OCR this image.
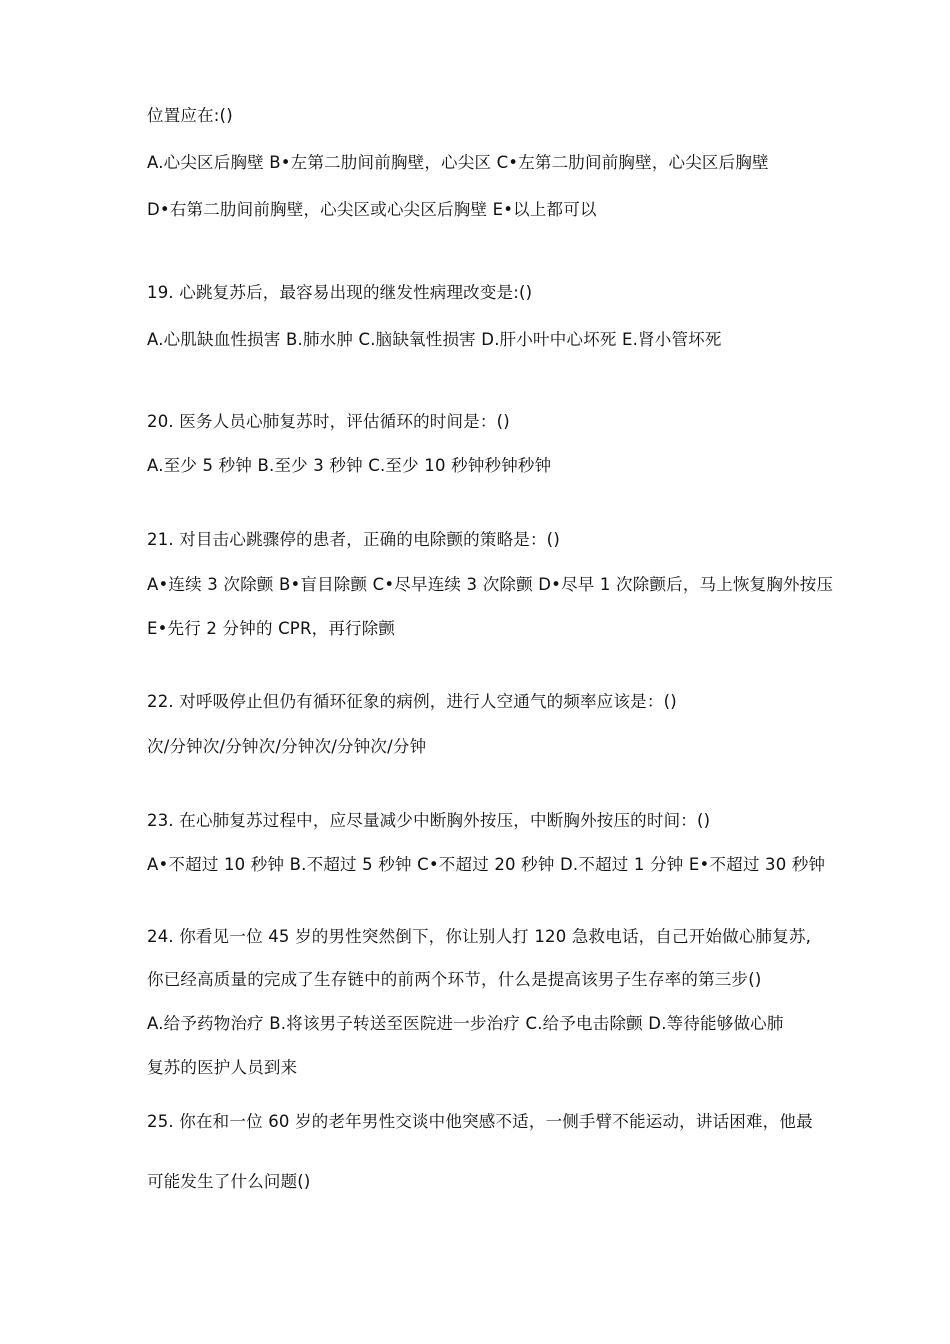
位置应在:()
A.心尖区后胸壁 B•左第二肋间前胸壁，心尖区 C•左第二肋间前胸壁，心尖区后胸壁
D•右第二肋间前胸壁，心尖区或心尖区后胸壁 E•以上都可以
19. 心跳复苏后，最容易出现的继发性病理改变是:()
A.心肌缺血性损害 B.肺水肿 C.脑缺氧性损害 D.肝小叶中心坏死 E.肾小管坏死
20. 医务人员心肺复苏时，评估循环的时间是：()
A.至少 5 秒钟 B.至少 3 秒钟 C.至少 10 秒钟秒钟秒钟
21. 对目击心跳骤停的患者，正确的电除颤的策略是：()
A•连续 3 次除颤 B•盲目除颤 C•尽早连续 3 次除颤 D•尽早 1 次除颤后，马上恢复胸外按压
E•先行 2 分钟的 CPR，再行除颤
22. 对呼吸停止但仍有循环征象的病例，进行人空通气的频率应该是：()
次/分钟次/分钟次/分钟次/分钟次/分钟
23. 在心肺复苏过程中，应尽量减少中断胸外按压，中断胸外按压的时间：()
A•不超过 10 秒钟 B.不超过 5 秒钟 C•不超过 20 秒钟 D.不超过 1 分钟 E•不超过 30 秒钟
24. 你看见一位 45 岁的男性突然倒下，你让别人打 120 急救电话，自己开始做心肺复苏,
你已经高质量的完成了生存链中的前两个环节，什么是提高该男子生存率的第三步()
A.给予药物治疗 B.将该男子转送至医院进一步治疗 C.给予电击除颤 D.等待能够做心肺
复苏的医护人员到来
25. 你在和一位 60 岁的老年男性交谈中他突感不适，一侧手臂不能运动，讲话困难，他最
可能发生了什么问题()
